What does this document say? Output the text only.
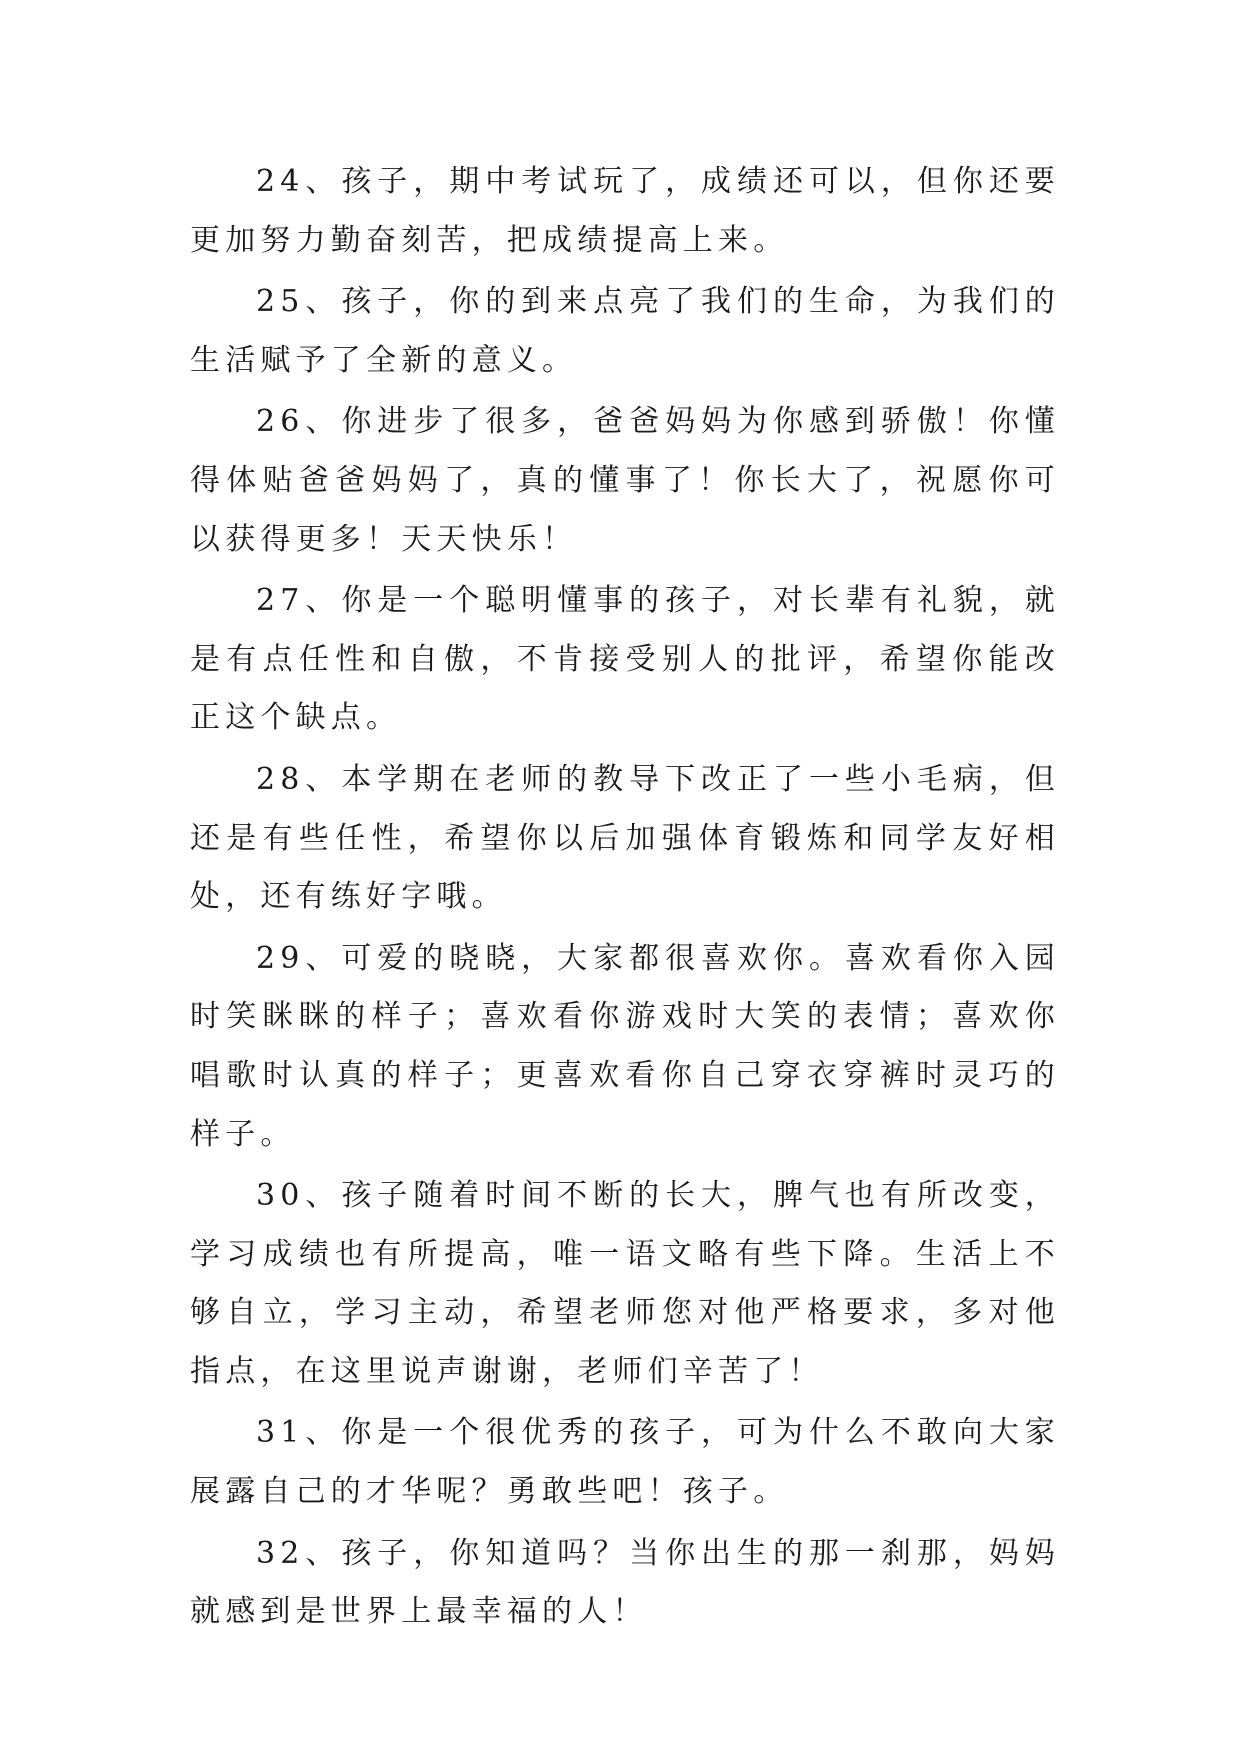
24、孩子，期中考试玩了，成绩还可以，但你还要更加努力勤奋刻苦，把成绩提高上来。

25、孩子，你的到来点亮了我们的生命，为我们的生活赋予了全新的意义。

26、你进步了很多，爸爸妈妈为你感到骄傲！你懂得体贴爸爸妈妈了，真的懂事了！你长大了，祝愿你可以获得更多！天天快乐！

27、你是一个聪明懂事的孩子，对长辈有礼貌，就是有点任性和自傲，不肯接受别人的批评，希望你能改正这个缺点。

28、本学期在老师的教导下改正了一些小毛病，但还是有些任性，希望你以后加强体育锻炼和同学友好相处，还有练好字哦。

29、可爱的晓晓，大家都很喜欢你。喜欢看你入园时笑眯眯的样子；喜欢看你游戏时大笑的表情；喜欢你唱歌时认真的样子；更喜欢看你自己穿衣穿裤时灵巧的样子。

30、孩子随着时间不断的长大，脾气也有所改变，学习成绩也有所提高，唯一语文略有些下降。生活上不够自立，学习主动，希望老师您对他严格要求，多对他指点，在这里说声谢谢，老师们辛苦了！

31、你是一个很优秀的孩子，可为什么不敢向大家展露自己的才华呢？勇敢些吧！孩子。

32、孩子，你知道吗？当你出生的那一刹那，妈妈就感到是世界上最幸福的人！
